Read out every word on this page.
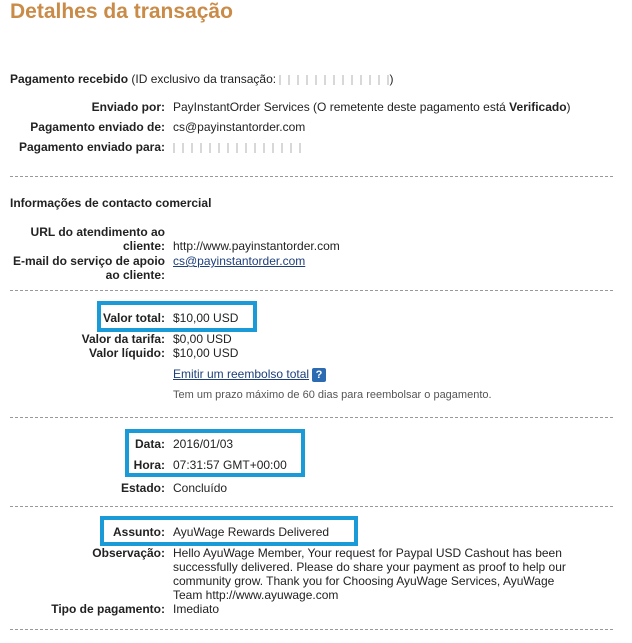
Detalhes da transação
Pagamento recebido (ID exclusivo da transação:	)
Enviado por: PayInstantOrder Services (O remetente deste pagamento está Verificado)
Pagamento enviado de: cs@payinstantorder.com
Pagamento enviado para:
Informações de contacto comercial
URL do atendimento ao
cliente: http://www.payinstantorder.com
E-mail do serviço de apoio
ao cliente:
cs@payinstantorder.com
Valor total: $10,00 USD
Valor da tarifa: $0,00 USD
Valor líquido: $10,00 USD
Emitir um reembolso total ?
Tem um prazo máximo de 60 dias para reembolsar o pagamento.
Data: 2016/01/03
Hora: 07:31:57 GMT+00:00
Estado: Concluído
Assunto: AyuWage Rewards Delivered
Observação: Hello AyuWage Member, Your request for Paypal USD Cashout has been
successfully delivered. Please do share your payment as proof to help our
community grow. Thank you for Choosing AyuWage Services, AyuWage
Team http://www.ayuwage.com
Tipo de pagamento: Imediato
